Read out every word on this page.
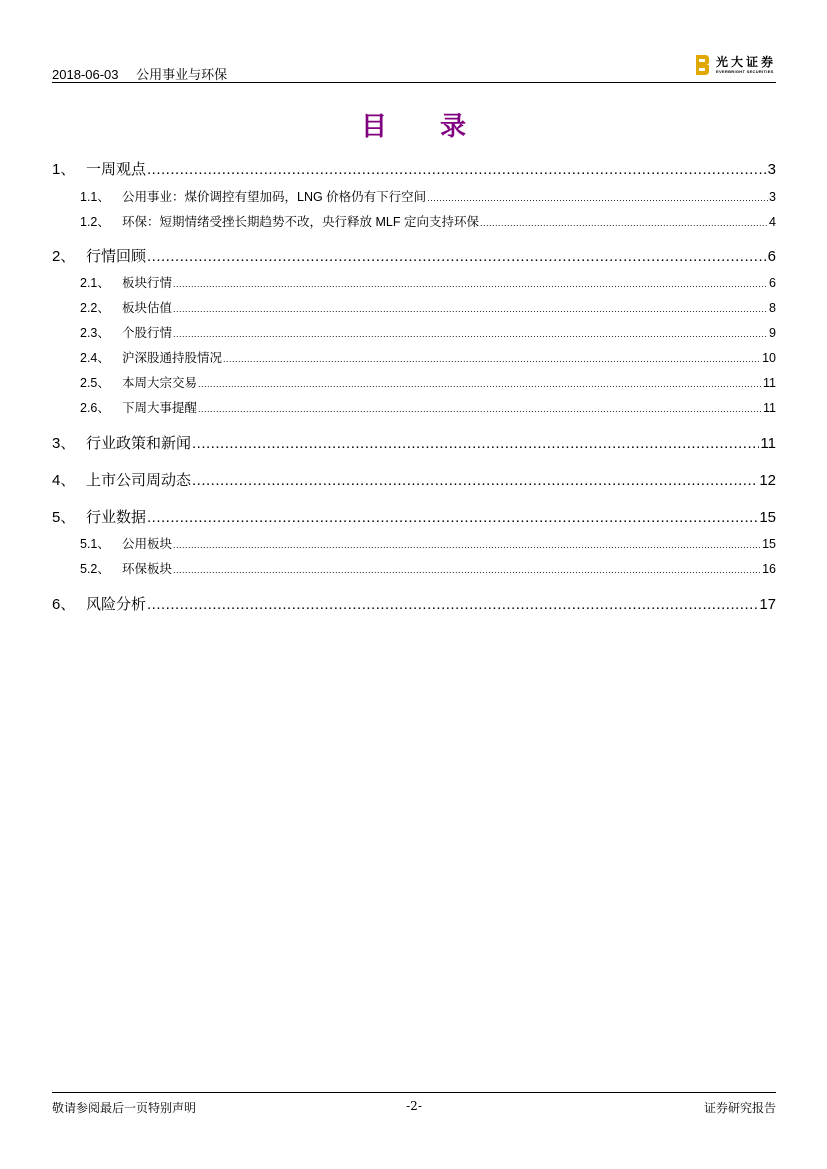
2018-06-03 公用事业与环保
光大证券
EVERBRIGHT SECURITIES
目 录
1、 一周观点 .....	3
1.1、 公用事业：煤价调控有望加码，LNG 价格仍有下行空间 .....	3
1.2、 环保：短期情绪受挫长期趋势不改，央行释放 MLF 定向支持环保 .....	4
2、 行情回顾 .....	6
2.1、 板块行情 .....	6
2.2、 板块估值 .....	8
2.3、 个股行情 .....	9
2.4、 沪深股通持股情况 .....	10
2.5、 本周大宗交易 .....	11
2.6、 下周大事提醒 .....	11
3、 行业政策和新闻 .....	11
4、 上市公司周动态 .....	12
5、 行业数据 .....	15
5.1、 公用板块 .....	15
5.2、 环保板块 .....	16
6、 风险分析 .....	17
敬请参阅最后一页特别声明	-2-	证券研究报告
